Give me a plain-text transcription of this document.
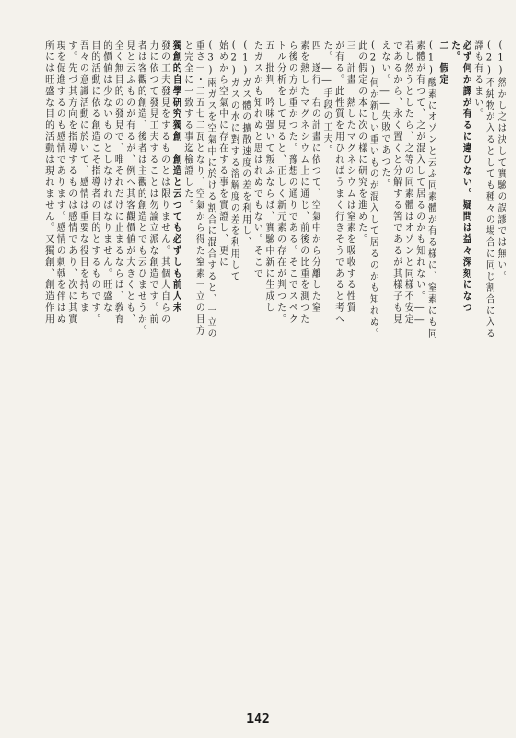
(1)然かし之は決して實驗の誤謬では無い。
(2)不純物が入るとしても種々の場合に同じ割合に入る
譯も有るまい。
必ず何か譯が有るに違ひない。疑問は益々深刻になつ
た。
二　假定
(1)酸素にオゾンと云ふ同素體が有る樣に、窒素にも同
素體が有つて、之が混入して居るのかも知れない。――
若し然うとしたら、之等の同素體はオゾンと同樣不安定
であるから、永く置くと分解する筈であるが其樣子も見
えない。――失敗であつた。
(2)何か新しい重いものが混入して居るのかも知れぬ。
此の假定の本に次の樣に研究を進めた。
三　計畫　熱したマグネシウムは窒素を吸收する性質
が有る。此性質を用ひればうまく行きそうであると考へ
た。――手段の工夫。
四　遂行　右の計畫に依つて、空氣中から分離した窒
素を熱したマグネシウム上に通じ、前後の比重を測つた
ら後の方が重かつた。豫想の通りである。そこでスペク
トル分析をして見ると、正しく新元素の存在が判つた。
五　批判　吟味强いて叛ふならば、實驗中新に生成し
たガスかも知れぬと思はれぬでもない。そこで
(1)ガス體の擴散速度の差を利用し、
(2)ガスの水に對する溶解度の差を利用して
始めから空氣中に存在する事を實證し、更に
(3)兩ガスを空氣中に於ける割合に混合すると、一立の
重さ一・二五七二瓦となり、空氣から得た窒素一立の目方
と完全に一致する事迄檢證した。
獨創的自學研究獨創　創造と云つても必ずしも前人未
發の工夫發見をするものとは限りません。其個人自らの
力に依つて發見工夫することは勿論立派な創造です。前
者は客觀的創造、後者は主觀的創造とでも云ひませうか。
見と云ふものが有るが、例へ其客觀價値が大きくとも、
全く無目的の發見で、唯それだけに止まるならば、敎育
的價値は少ないものとしなければなりません。旺盛な
目的活動に依る創造こそ指導者の目的とするものです。
吾々の意識活動に於いて、感情は重要な役目を持ちま
す。先づ其方向を指導するものは感情であり、次に其實
現を促進するのも感情であります。感情の刺戟を伴はぬ
所には旺盛な目的活動は現れません。又獨創、創造作用
142
